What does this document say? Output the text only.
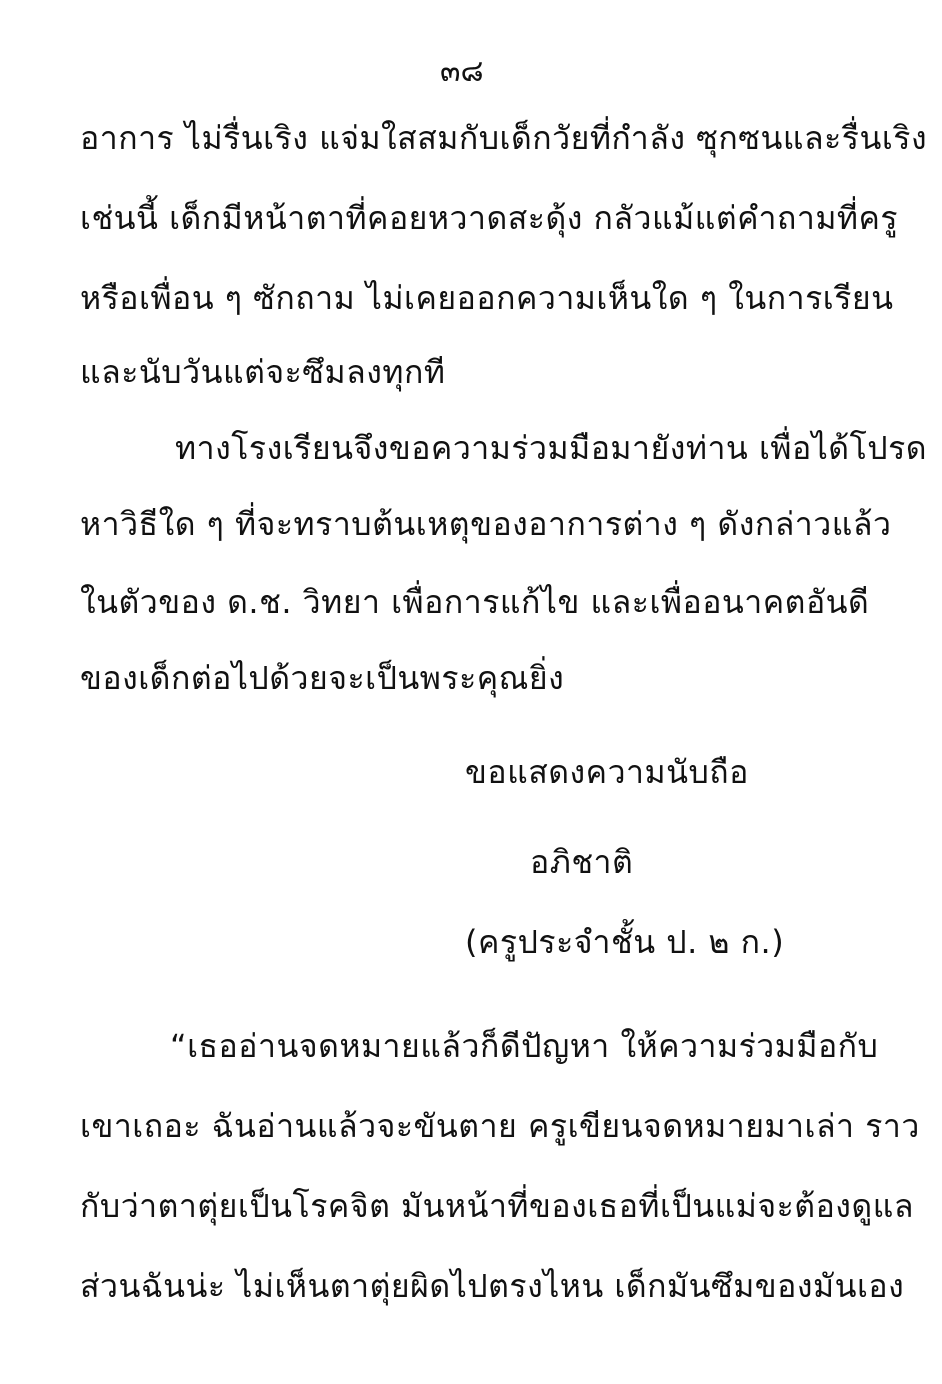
๓๘
อาการ ไม่รื่นเริง แจ่มใสสมกับเด็กวัยที่กำลัง ซุกซนและรื่นเริง
เช่นนี้ เด็กมีหน้าตาที่คอยหวาดสะดุ้ง กลัวแม้แต่คำถามที่ครู
หรือเพื่อน ๆ ซักถาม ไม่เคยออกความเห็นใด ๆ ในการเรียน
และนับวันแต่จะซึมลงทุกที
ทางโรงเรียนจึงขอความร่วมมือมายังท่าน เพื่อได้โปรด
หาวิธีใด ๆ ที่จะทราบต้นเหตุของอาการต่าง ๆ ดังกล่าวแล้ว
ในตัวของ ด.ช. วิทยา เพื่อการแก้ไข และเพื่ออนาคตอันดี
ของเด็กต่อไปด้วยจะเป็นพระคุณยิ่ง
ขอแสดงความนับถือ
อภิชาติ
(ครูประจำชั้น ป. ๒ ก.)
“เธออ่านจดหมายแล้วก็ดีปัญหา ให้ความร่วมมือกับ
เขาเถอะ ฉันอ่านแล้วจะขันตาย ครูเขียนจดหมายมาเล่า ราว
กับว่าตาตุ่ยเป็นโรคจิต มันหน้าที่ของเธอที่เป็นแม่จะต้องดูแล
ส่วนฉันน่ะ ไม่เห็นตาตุ่ยผิดไปตรงไหน เด็กมันซึมของมันเอง
